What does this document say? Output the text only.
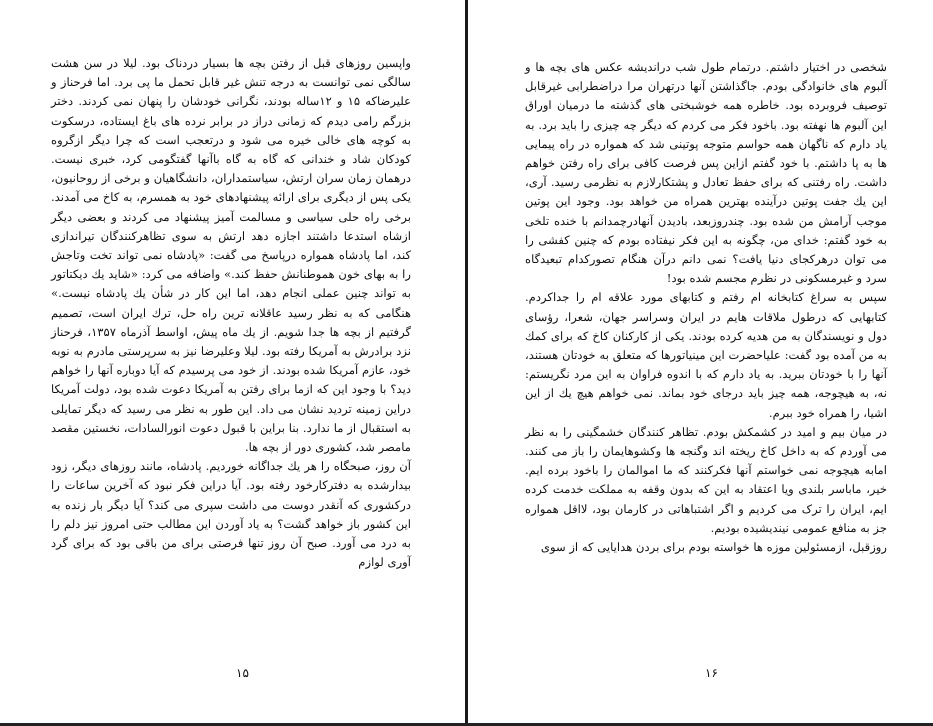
واپسین روزهای قبل از رفتن بچه ها بسیار دردناک بود. لیلا در سن هشت سالگی نمی توانست به درجه تنش غیر قابل تحمل ما پی برد. اما فرحناز و علیرضاکه ۱۵ و ۱۲ساله بودند، نگرانی خودشان را پنهان نمی کردند. دختر بزرگم رامی دیدم که زمانی دراز در برابر نرده های باغ ایستاده، درسکوت به کوچه های خالی خیره می شود و درتعجب است که چرا دیگر ازگروه کودکان شاد و خندانی که گاه به گاه باآنها گفتگومی کرد، خبری نیست. درهمان زمان سران ارتش، سیاستمداران، دانشگاهیان و برخی از روحانیون، یکی پس از دیگری برای ارائه پیشنهادهای خود به همسرم، به کاخ می آمدند. برخی راه حلی سیاسی و مسالمت آمیز پیشنهاد می کردند و بعضی دیگر ازشاه استدعا داشتند اجازه دهد ارتش به سوی تظاهرکنندگان تیراندازی کند، اما پادشاه همواره درپاسخ می گفت: «پادشاه نمی تواند تخت وتاجش را به بهای خون هموطنانش حفظ کند.» واضافه می کرد: «شاید یك دیکتاتور به تواند چنین عملی انجام دهد، اما این کار در شأن یك پادشاه نیست.» هنگامی که به نظر رسید عاقلانه ترین راه حل، ترك ایران است، تصمیم گرفتیم از بچه ها جدا شویم. از یك ماه پیش، اواسط آذرماه ۱۳۵۷، فرحناز نزد برادرش به آمریکا رفته بود. لیلا وعلیرضا نیز به سرپرستی مادرم به نوبه خود، عازم آمریکا شده بودند. از خود می پرسیدم که آیا دوباره آنها را خواهم دید؟ با وجود این که ازما برای رفتن به آمریکا دعوت شده بود، دولت آمریکا دراین زمینه تردید نشان می داد. این طور به نظر می رسید که دیگر تمایلی به استقبال از ما ندارد. بنا براین با قبول دعوت انورالسادات، نخستین مقصد مامصر شد، کشوری دور از بچه ها.

آن روز، صبحگاه را هر یك جداگانه خوردیم. پادشاه، مانند روزهای دیگر، زود بیدارشده به دفترکارخود رفته بود. آیا دراین فکر نبود که آخرین ساعات را درکشوری که آنقدر دوست می داشت سپری می کند؟ آیا دیگر بار زنده به این کشور باز خواهد گشت؟ به یاد آوردن این مطالب حتی امروز نیز دلم را به درد می آورد. صبح آن روز تنها فرصتی برای من باقی بود که برای گرد آوری لوازم

۱۵

شخصی در اختیار داشتم. درتمام طول شب دراندیشه عکس های بچه ها و آلبوم های خانوادگی بودم. جاگذاشتن آنها درتهران مرا دراضطرابی غیرقابل توصیف فروبرده بود. خاطره همه خوشبختی های گذشته ما درمیان اوراق این آلبوم ها نهفته بود. باخود فکر می کردم که دیگر چه چیزی را باید برد. به یاد دارم که ناگهان همه حواسم متوجه پوتینی شد که همواره در راه پیمایی ها به پا داشتم. با خود گفتم ازاین پس فرصت کافی برای راه رفتن خواهم داشت. راه رفتنی که برای حفظ تعادل و پشتکارلازم به نظرمی رسید. آری، این یك جفت پوتین درآینده بهترین همراه من خواهد بود. وجود این پوتین موجب آرامش من شده بود. چندروزبعد، بادیدن آنهادرچمدانم با خنده تلخی به خود گفتم: خدای من، چگونه به این فکر نیفتاده بودم که چنین کفشی را می توان درهرکجای دنیا یافت؟ نمی دانم درآن هنگام تصورکدام تبعیدگاه سرد و غیرمسکونی در نظرم مجسم شده بود!

سپس به سراغ کتابخانه ام رفتم و کتابهای مورد علاقه ام را جداکردم. کتابهایی که درطول ملاقات هایم در ایران وسراسر جهان، شعرا، رؤسای دول و نویسندگان به من هدیه کرده بودند. یکی از کارکنان کاخ که برای کمك به من آمده بود گفت: علیاحضرت این مینیاتورها که متعلق به خودتان هستند، آنها را با خودتان ببرید. به یاد دارم که با اندوه فراوان به این مرد نگریستم: نه، به هیچوجه، همه چیز باید درجای خود بماند. نمی خواهم هیچ یك از این اشیا، را همراه خود ببرم.

در میان بیم و امید در کشمکش بودم. تظاهر کنندگان خشمگینی را به نظر می آوردم که به داخل کاخ ریخته اند وگنجه ها وکشوهایمان را باز می کنند. امابه هیچوجه نمی خواستم آنها فکرکنند که ما اموالمان را باخود برده ایم. خیر، ماباسر بلندی ویا اعتقاد به این که بدون وقفه به مملکت خدمت کرده ایم، ایران را ترک می کردیم و اگر اشتباهاتی در کارمان بود، لااقل همواره جز به منافع عمومی نیندیشیده بودیم.

روزقبل، ازمسئولین موزه ها خواسته بودم برای بردن هدایایی که از سوی

۱۶
